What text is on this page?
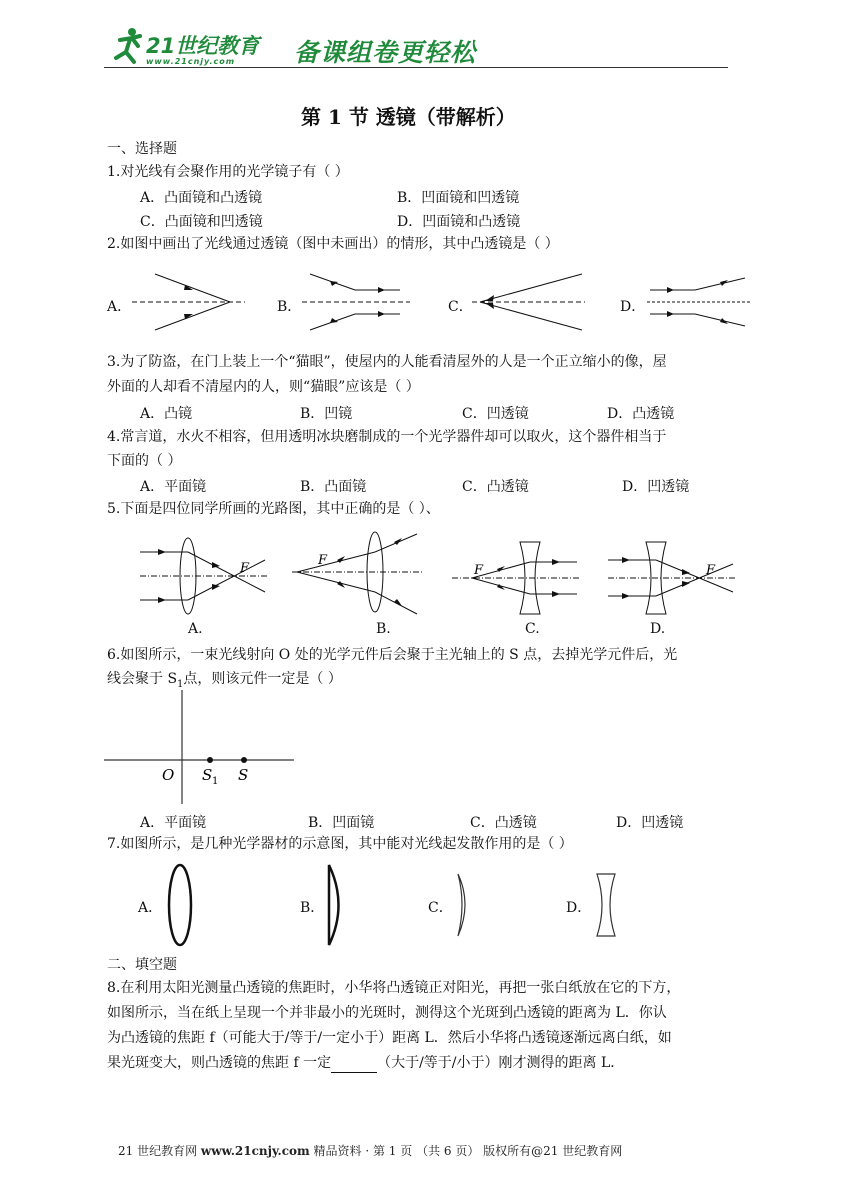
21世纪教育
www.21cnjy.com 备课组卷更轻松
第 1 节 透镜（带解析）
一、选择题
1.对光线有会聚作用的光学镜子有（ ）
A．凸面镜和凸透镜	B．凹面镜和凹透镜
C．凸面镜和凹透镜	D．凹面镜和凸透镜
2.如图中画出了光线通过透镜（图中未画出）的情形，其中凸透镜是（ ）
A．	B．	C．	D．
3.为了防盗，在门上装上一个“猫眼”，使屋内的人能看清屋外的人是一个正立缩小的像，屋
外面的人却看不清屋内的人，则“猫眼”应该是（ ）
A．凸镜	B．凹镜	C．凹透镜	D．凸透镜
4.常言道，水火不相容，但用透明冰块磨制成的一个光学器件却可以取火，这个器件相当于
下面的（ ）
A．平面镜	B．凸面镜	C．凸透镜	D．凹透镜
5.下面是四位同学所画的光路图，其中正确的是（ ）、
F
F
F	F
A.	B.	C.	D.
6.如图所示，一束光线射向 O 处的光学元件后会聚于主光轴上的 S 点，去掉光学元件后，光
线会聚于 $S_1$点，则该元件一定是（ ）
O S 1 S
A．平面镜	B．凹面镜	C．凸透镜	D．凹透镜
7.如图所示，是几种光学器材的示意图，其中能对光线起发散作用的是（ ）
A．	B．	C．	D．
二、填空题
8.在利用太阳光测量凸透镜的焦距时，小华将凸透镜正对阳光，再把一张白纸放在它的下方，
如图所示，当在纸上呈现一个并非最小的光斑时，测得这个光斑到凸透镜的距离为 L．你认
为凸透镜的焦距 f（可能大于/等于/一定小于）距离 L．然后小华将凸透镜逐渐远离白纸，如
果光斑变大，则凸透镜的焦距 f 一定	（大于/等于/小于）刚才测得的距离 L．
21 世纪教育网 www.21cnjy.com 精品资料 · 第 1 页 （共 6 页） 版权所有@21 世纪教育网
